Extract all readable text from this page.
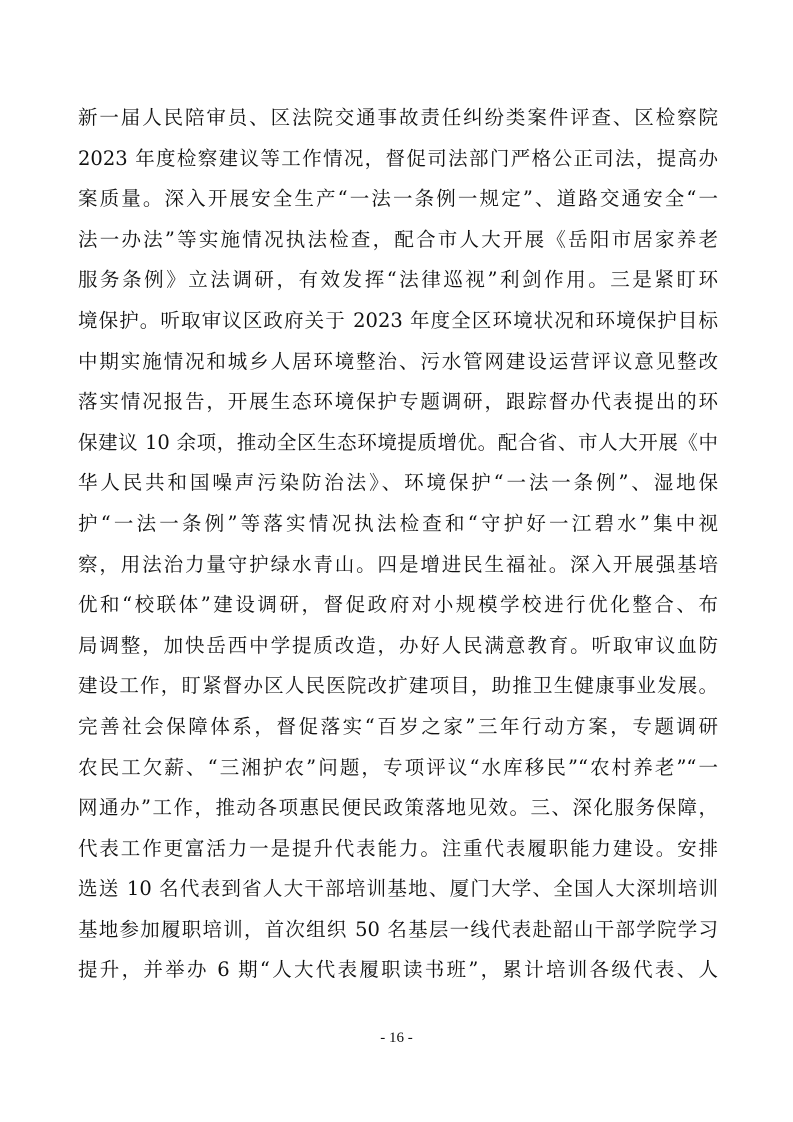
新一届人民陪审员、区法院交通事故责任纠纷类案件评查、区检察院
2023 年度检察建议等工作情况，督促司法部门严格公正司法，提高办
案质量。深入开展安全生产“一法一条例一规定”、道路交通安全“一
法一办法”等实施情况执法检查，配合市人大开展《岳阳市居家养老
服务条例》立法调研，有效发挥“法律巡视”利剑作用。三是紧盯环
境保护。听取审议区政府关于 2023 年度全区环境状况和环境保护目标
中期实施情况和城乡人居环境整治、污水管网建设运营评议意见整改
落实情况报告，开展生态环境保护专题调研，跟踪督办代表提出的环
保建议 10 余项，推动全区生态环境提质增优。配合省、市人大开展《中
华人民共和国噪声污染防治法》、环境保护“一法一条例”、湿地保
护“一法一条例”等落实情况执法检查和“守护好一江碧水”集中视
察，用法治力量守护绿水青山。四是增进民生福祉。深入开展强基培
优和“校联体”建设调研，督促政府对小规模学校进行优化整合、布
局调整，加快岳西中学提质改造，办好人民满意教育。听取审议血防
建设工作，盯紧督办区人民医院改扩建项目，助推卫生健康事业发展。
完善社会保障体系，督促落实“百岁之家”三年行动方案，专题调研
农民工欠薪、“三湘护农”问题，专项评议“水库移民”“农村养老”“一
网通办”工作，推动各项惠民便民政策落地见效。三、深化服务保障，
代表工作更富活力一是提升代表能力。注重代表履职能力建设。安排
选送 10 名代表到省人大干部培训基地、厦门大学、全国人大深圳培训
基地参加履职培训，首次组织 50 名基层一线代表赴韶山干部学院学习
提升，并举办 6 期“人大代表履职读书班”，累计培训各级代表、人
- 16 -
